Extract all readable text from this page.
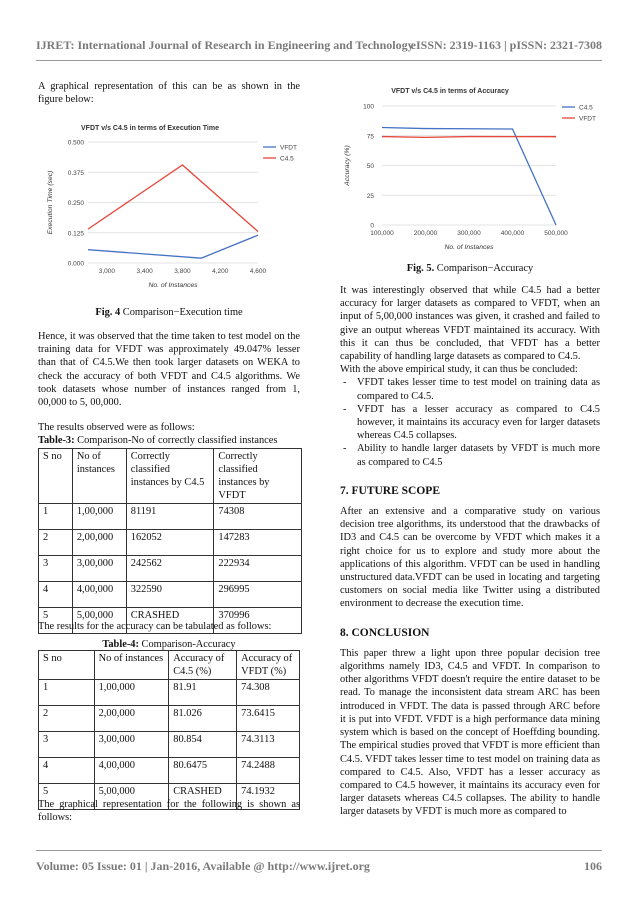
IJRET: International Journal of Research in Engineering and Technology
eISSN: 2319-1163 | pISSN: 2321-7308
Volume: 05 Issue: 01 | Jan-2016, Available @ http://www.ijret.org	106

A graphical representation of this can be as shown in the figure below:

VFDT v/s C4.5 in terms of Execution Time
0.000
0.125
0.250
0.375
0.500
3,000	3,400	3,800	4,200	4,600
No. of Instances
Execution Time (sec)
VFDT
C4.5
Fig. 4 Comparison−Execution time

Hence, it was observed that the time taken to test model on the training data for VFDT was approximately 49.047% lesser than that of C4.5.We then took larger datasets on WEKA to check the accuracy of both VFDT and C4.5 algorithms. We took datasets whose number of instances ranged from 1, 00,000 to 5, 00,000.

The results observed were as follows:

Table-3: Comparison-No of correctly classified instances
S no	No of instances	Correctly classified instances by C4.5	Correctly classified instances by VFDT
1	1,00,000	81191	74308
2	2,00,000	162052	147283
3	3,00,000	242562	222934
4	4,00,000	322590	296995
5	5,00,000	CRASHED	370996

The results for the accuracy can be tabulated as follows:

Table-4: Comparison-Accuracy
S no	No of instances	Accuracy of C4.5 (%)	Accuracy of VFDT (%)
1	1,00,000	81.91	74.308
2	2,00,000	81.026	73.6415
3	3,00,000	80.854	74.3113
4	4,00,000	80.6475	74.2488
5	5,00,000	CRASHED	74.1932

The graphical representation for the following is shown as follows:

VFDT v/s C4.5 in terms of Accuracy
0
25
50
75
100
100,000	200,000	300,000	400,000	500,000
No. of Instances
Accuracy (%)
C4.5
VFDT
Fig. 5. Comparison−Accuracy

It was interestingly observed that while C4.5 had a better accuracy for larger datasets as compared to VFDT, when an input of 5,00,000 instances was given, it crashed and failed to give an output whereas VFDT maintained its accuracy. With this it can thus be concluded, that VFDT has a better capability of handling large datasets as compared to C4.5.

With the above empirical study, it can thus be concluded:

- VFDT takes lesser time to test model on training data as compared to C4.5.
- VFDT has a lesser accuracy as compared to C4.5 however, it maintains its accuracy even for larger datasets whereas C4.5 collapses.
- Ability to handle larger datasets by VFDT is much more as compared to C4.5
7. FUTURE SCOPE

After an extensive and a comparative study on various decision tree algorithms, its understood that the drawbacks of ID3 and C4.5 can be overcome by VFDT which makes it a right choice for us to explore and study more about the applications of this algorithm. VFDT can be used in handling unstructured data.VFDT can be used in locating and targeting customers on social media like Twitter using a distributed environment to decrease the execution time.

8. CONCLUSION

This paper threw a light upon three popular decision tree algorithms namely ID3, C4.5 and VFDT. In comparison to other algorithms VFDT doesn't require the entire dataset to be read. To manage the inconsistent data stream ARC has been introduced in VFDT. The data is passed through ARC before it is put into VFDT. VFDT is a high performance data mining system which is based on the concept of Hoeffding bounding. The empirical studies proved that VFDT is more efficient than C4.5. VFDT takes lesser time to test model on training data as compared to C4.5. Also, VFDT has a lesser accuracy as compared to C4.5 however, it maintains its accuracy even for larger datasets whereas C4.5 collapses. The ability to handle larger datasets by VFDT is much more as compared to
